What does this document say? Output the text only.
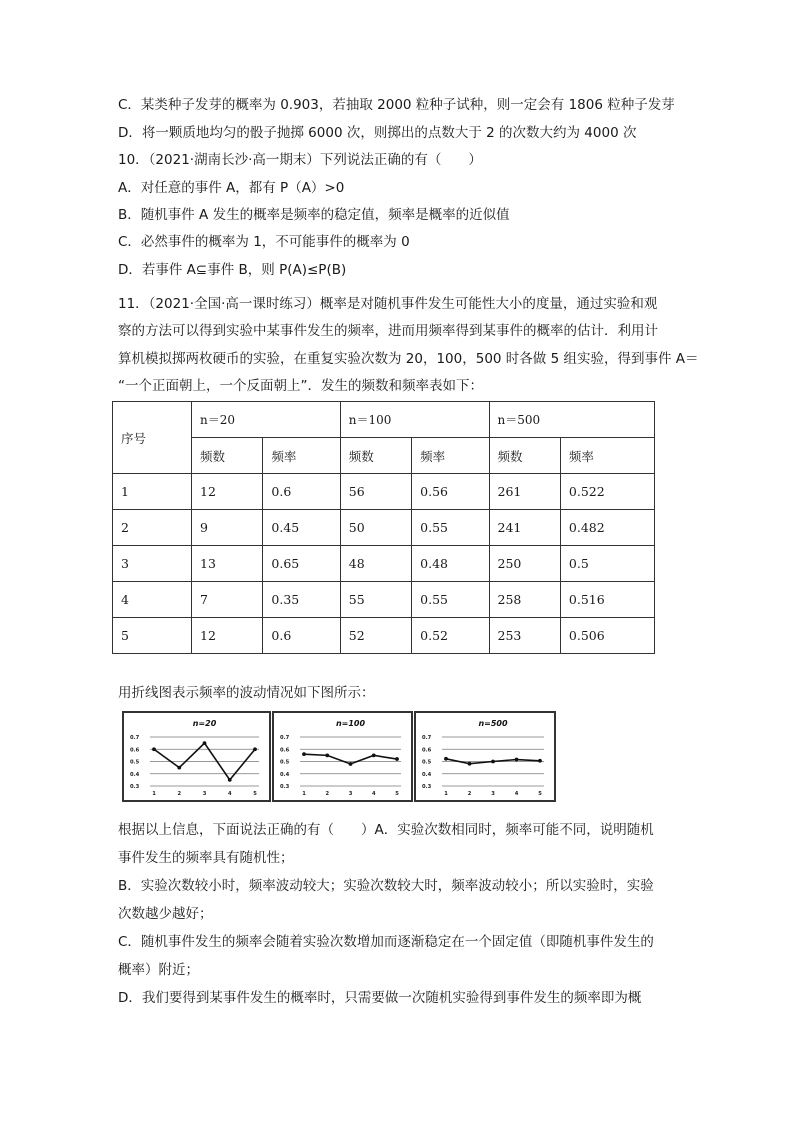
C．某类种子发芽的概率为 0.903，若抽取 2000 粒种子试种，则一定会有 1806 粒种子发芽
D．将一颗质地均匀的骰子抛掷 6000 次，则掷出的点数大于 2 的次数大约为 4000 次
10．（2021·湖南长沙·高一期末）下列说法正确的有（　　）
A．对任意的事件 A，都有 P（A）>0
B．随机事件 A 发生的概率是频率的稳定值，频率是概率的近似值
C．必然事件的概率为 1，不可能事件的概率为 0
D．若事件 A⊆事件 B，则 P(A)≤P(B)
11．（2021·全国·高一课时练习）概率是对随机事件发生可能性大小的度量，通过实验和观
察的方法可以得到实验中某事件发生的频率，进而用频率得到某事件的概率的估计．利用计
算机模拟掷两枚硬币的实验，在重复实验次数为 20，100，500 时各做 5 组实验，得到事件 A＝
“一个正面朝上，一个反面朝上”．发生的频数和频率表如下：
序号	n＝20		n＝100		n＝500	
	频数	频率	频数	频率	频数	频率
1	12	0.6	56	0.56	261	0.522
2	9	0.45	50	0.55	241	0.482
3	13	0.65	48	0.48	250	0.5
4	7	0.35	55	0.55	258	0.516
5	12	0.6	52	0.52	253	0.506
用折线图表示频率的波动情况如下图所示：
n=20
0.7
0.6
0.5
0.4
0.3
1	2	3	4	5
n=100
0.7
0.6
0.5
0.4
0.3
1	2	3	4	5
n=500
0.7
0.6
0.5
0.4
0.3
1	2	3	4	5
根据以上信息，下面说法正确的有（　　）A．实验次数相同时，频率可能不同，说明随机
事件发生的频率具有随机性；
B．实验次数较小时，频率波动较大；实验次数较大时，频率波动较小；所以实验时，实验
次数越少越好；
C．随机事件发生的频率会随着实验次数增加而逐渐稳定在一个固定值（即随机事件发生的
概率）附近；
D．我们要得到某事件发生的概率时，只需要做一次随机实验得到事件发生的频率即为概
